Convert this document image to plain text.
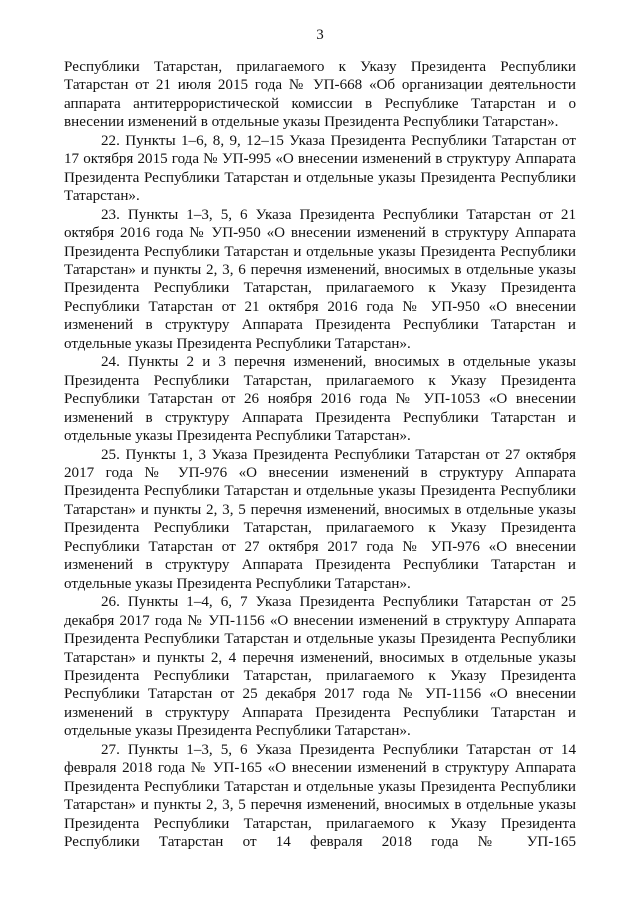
3

Республики Татарстан, прилагаемого к Указу Президента Республики Татарстан от 21 июля 2015 года № УП-668 «Об организации деятельности аппарата антитеррористической комиссии в Республике Татарстан и о внесении изменений в отдельные указы Президента Республики Татарстан».

22. Пункты 1–6, 8, 9, 12–15 Указа Президента Республики Татарстан от 17 октября 2015 года № УП-995 «О внесении изменений в структуру Аппарата Президента Республики Татарстан и отдельные указы Президента Республики Татарстан».

23. Пункты 1–3, 5, 6 Указа Президента Республики Татарстан от 21 октября 2016 года № УП-950 «О внесении изменений в структуру Аппарата Президента Республики Татарстан и отдельные указы Президента Республики Татарстан» и пункты 2, 3, 6 перечня изменений, вносимых в отдельные указы Президента Республики Татарстан, прилагаемого к Указу Президента Республики Татарстан от 21 октября 2016 года № УП-950 «О внесении изменений в структуру Аппарата Президента Республики Татарстан и отдельные указы Президента Республики Татарстан».

24. Пункты 2 и 3 перечня изменений, вносимых в отдельные указы Президента Республики Татарстан, прилагаемого к Указу Президента Республики Татарстан от 26 ноября 2016 года № УП-1053 «О внесении изменений в структуру Аппарата Президента Республики Татарстан и отдельные указы Президента Республики Татарстан».

25. Пункты 1, 3 Указа Президента Республики Татарстан от 27 октября 2017 года № УП-976 «О внесении изменений в структуру Аппарата Президента Республики Татарстан и отдельные указы Президента Республики Татарстан» и пункты 2, 3, 5 перечня изменений, вносимых в отдельные указы Президента Республики Татарстан, прилагаемого к Указу Президента Республики Татарстан от 27 октября 2017 года № УП-976 «О внесении изменений в структуру Аппарата Президента Республики Татарстан и отдельные указы Президента Республики Татарстан».

26. Пункты 1–4, 6, 7 Указа Президента Республики Татарстан от 25 декабря 2017 года № УП-1156 «О внесении изменений в структуру Аппарата Президента Республики Татарстан и отдельные указы Президента Республики Татарстан» и пункты 2, 4 перечня изменений, вносимых в отдельные указы Президента Республики Татарстан, прилагаемого к Указу Президента Республики Татарстан от 25 декабря 2017 года № УП-1156 «О внесении изменений в структуру Аппарата Президента Республики Татарстан и отдельные указы Президента Республики Татарстан».

27. Пункты 1–3, 5, 6 Указа Президента Республики Татарстан от 14 февраля 2018 года № УП-165 «О внесении изменений в структуру Аппарата Президента Республики Татарстан и отдельные указы Президента Республики Татарстан» и пункты 2, 3, 5 перечня изменений, вносимых в отдельные указы Президента Республики Татарстан, прилагаемого к Указу Президента Республики Татарстан от 14 февраля 2018 года № УП-165
